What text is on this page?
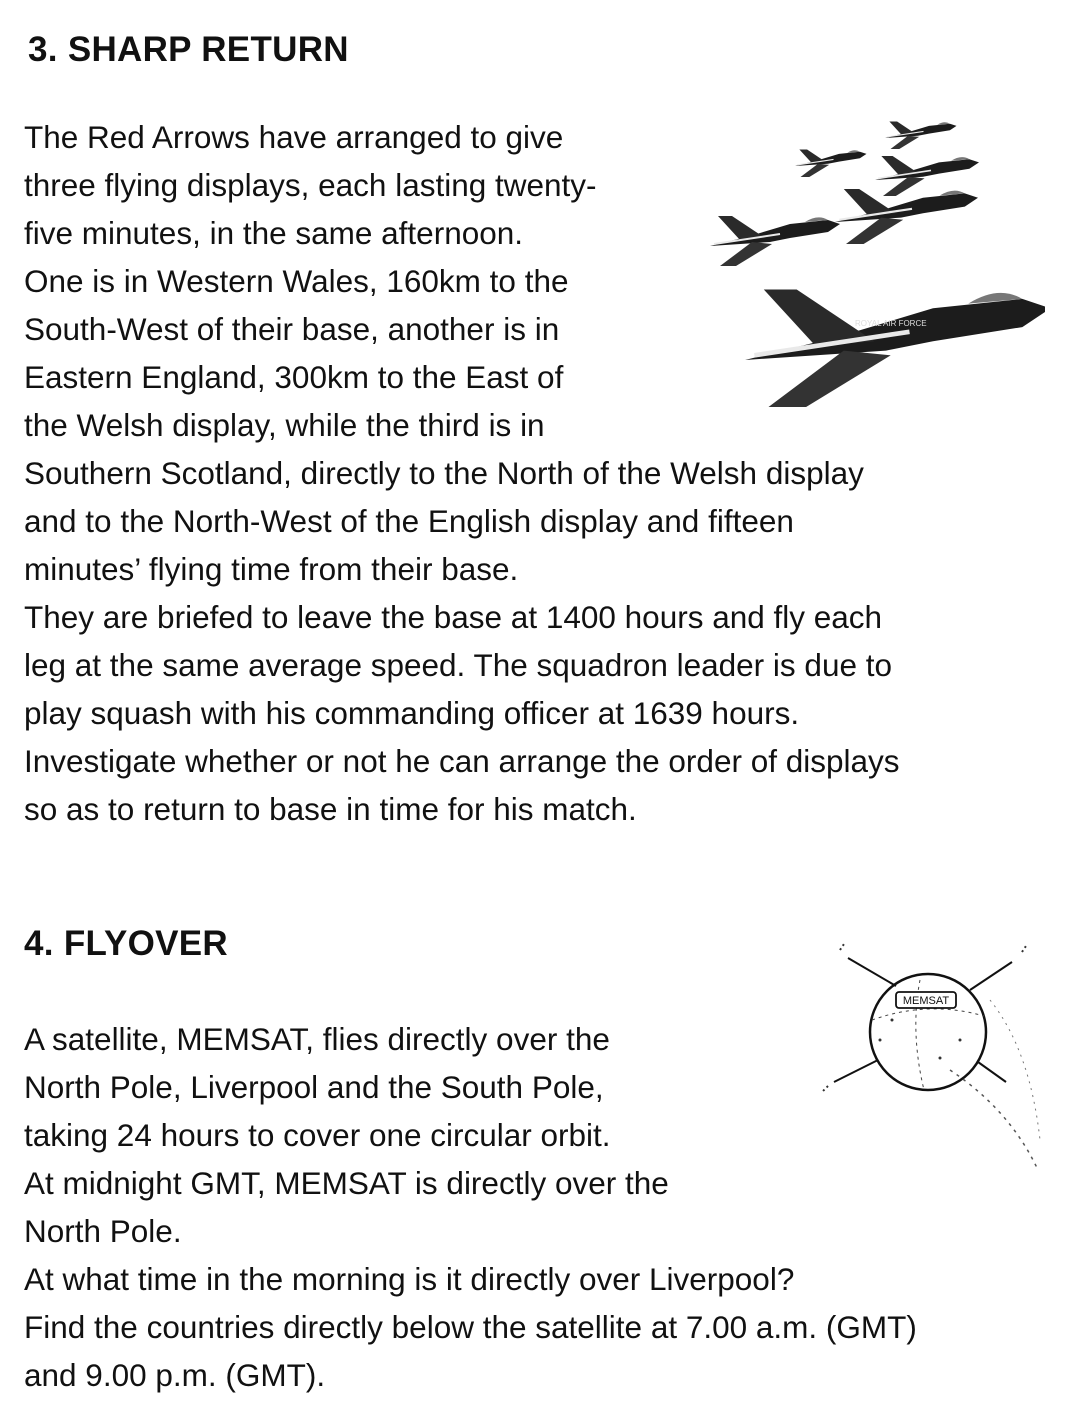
3. SHARP RETURN
The Red Arrows have arranged to give
three flying displays, each lasting twenty-
five minutes, in the same afternoon.
One is in Western Wales, 160km to the
South-West of their base, another is in
Eastern England, 300km to the East of
the Welsh display, while the third is in
Southern Scotland, directly to the North of the Welsh display
and to the North-West of the English display and fifteen
minutes’ flying time from their base.
They are briefed to leave the base at 1400 hours and fly each
leg at the same average speed. The squadron leader is due to
play squash with his commanding officer at 1639 hours.
Investigate whether or not he can arrange the order of displays
so as to return to base in time for his match.
ROYAL AIR FORCE
4. FLYOVER
A satellite, MEMSAT, flies directly over the
North Pole, Liverpool and the South Pole,
taking 24 hours to cover one circular orbit.
At midnight GMT, MEMSAT is directly over the
North Pole.
At what time in the morning is it directly over Liverpool?
Find the countries directly below the satellite at 7.00 a.m. (GMT)
and 9.00 p.m. (GMT).
MEMSAT
